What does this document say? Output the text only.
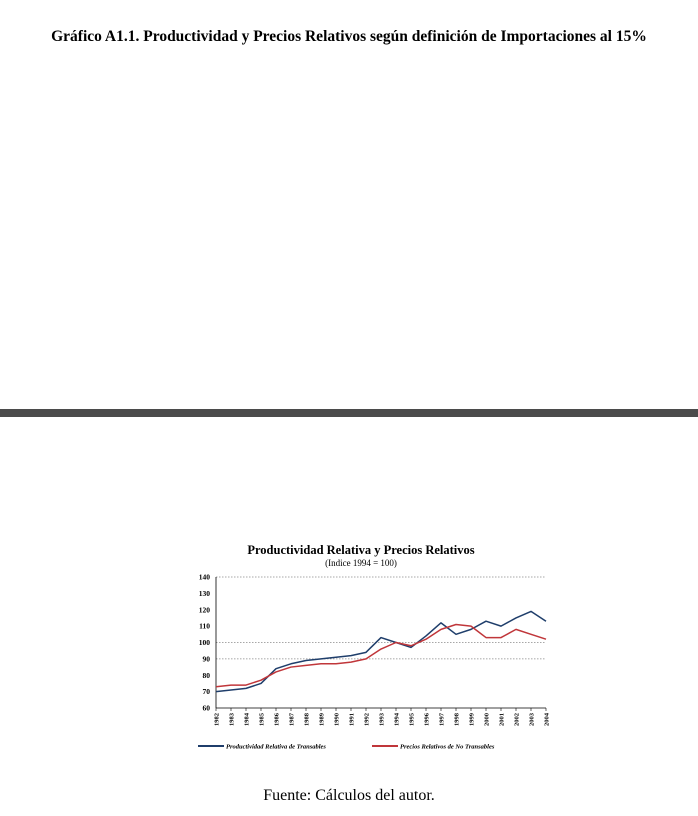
Gráfico A1.1. Productividad y Precios Relativos según definición de Importaciones al 15%
Productividad Relativa y Precios Relativos
(Indice 1994 = 100)
60
70
80
90
100
110
120
130
140
1982 1983 1984 1985 1986 1987 1988 1989 1990 1991 1992 1993 1994 1995 1996 1997 1998 1999 2000 2001 2002 2003 2004
Productividad Relativa de Transables	Precios Relativos de No Transables
Fuente: Cálculos del autor.
